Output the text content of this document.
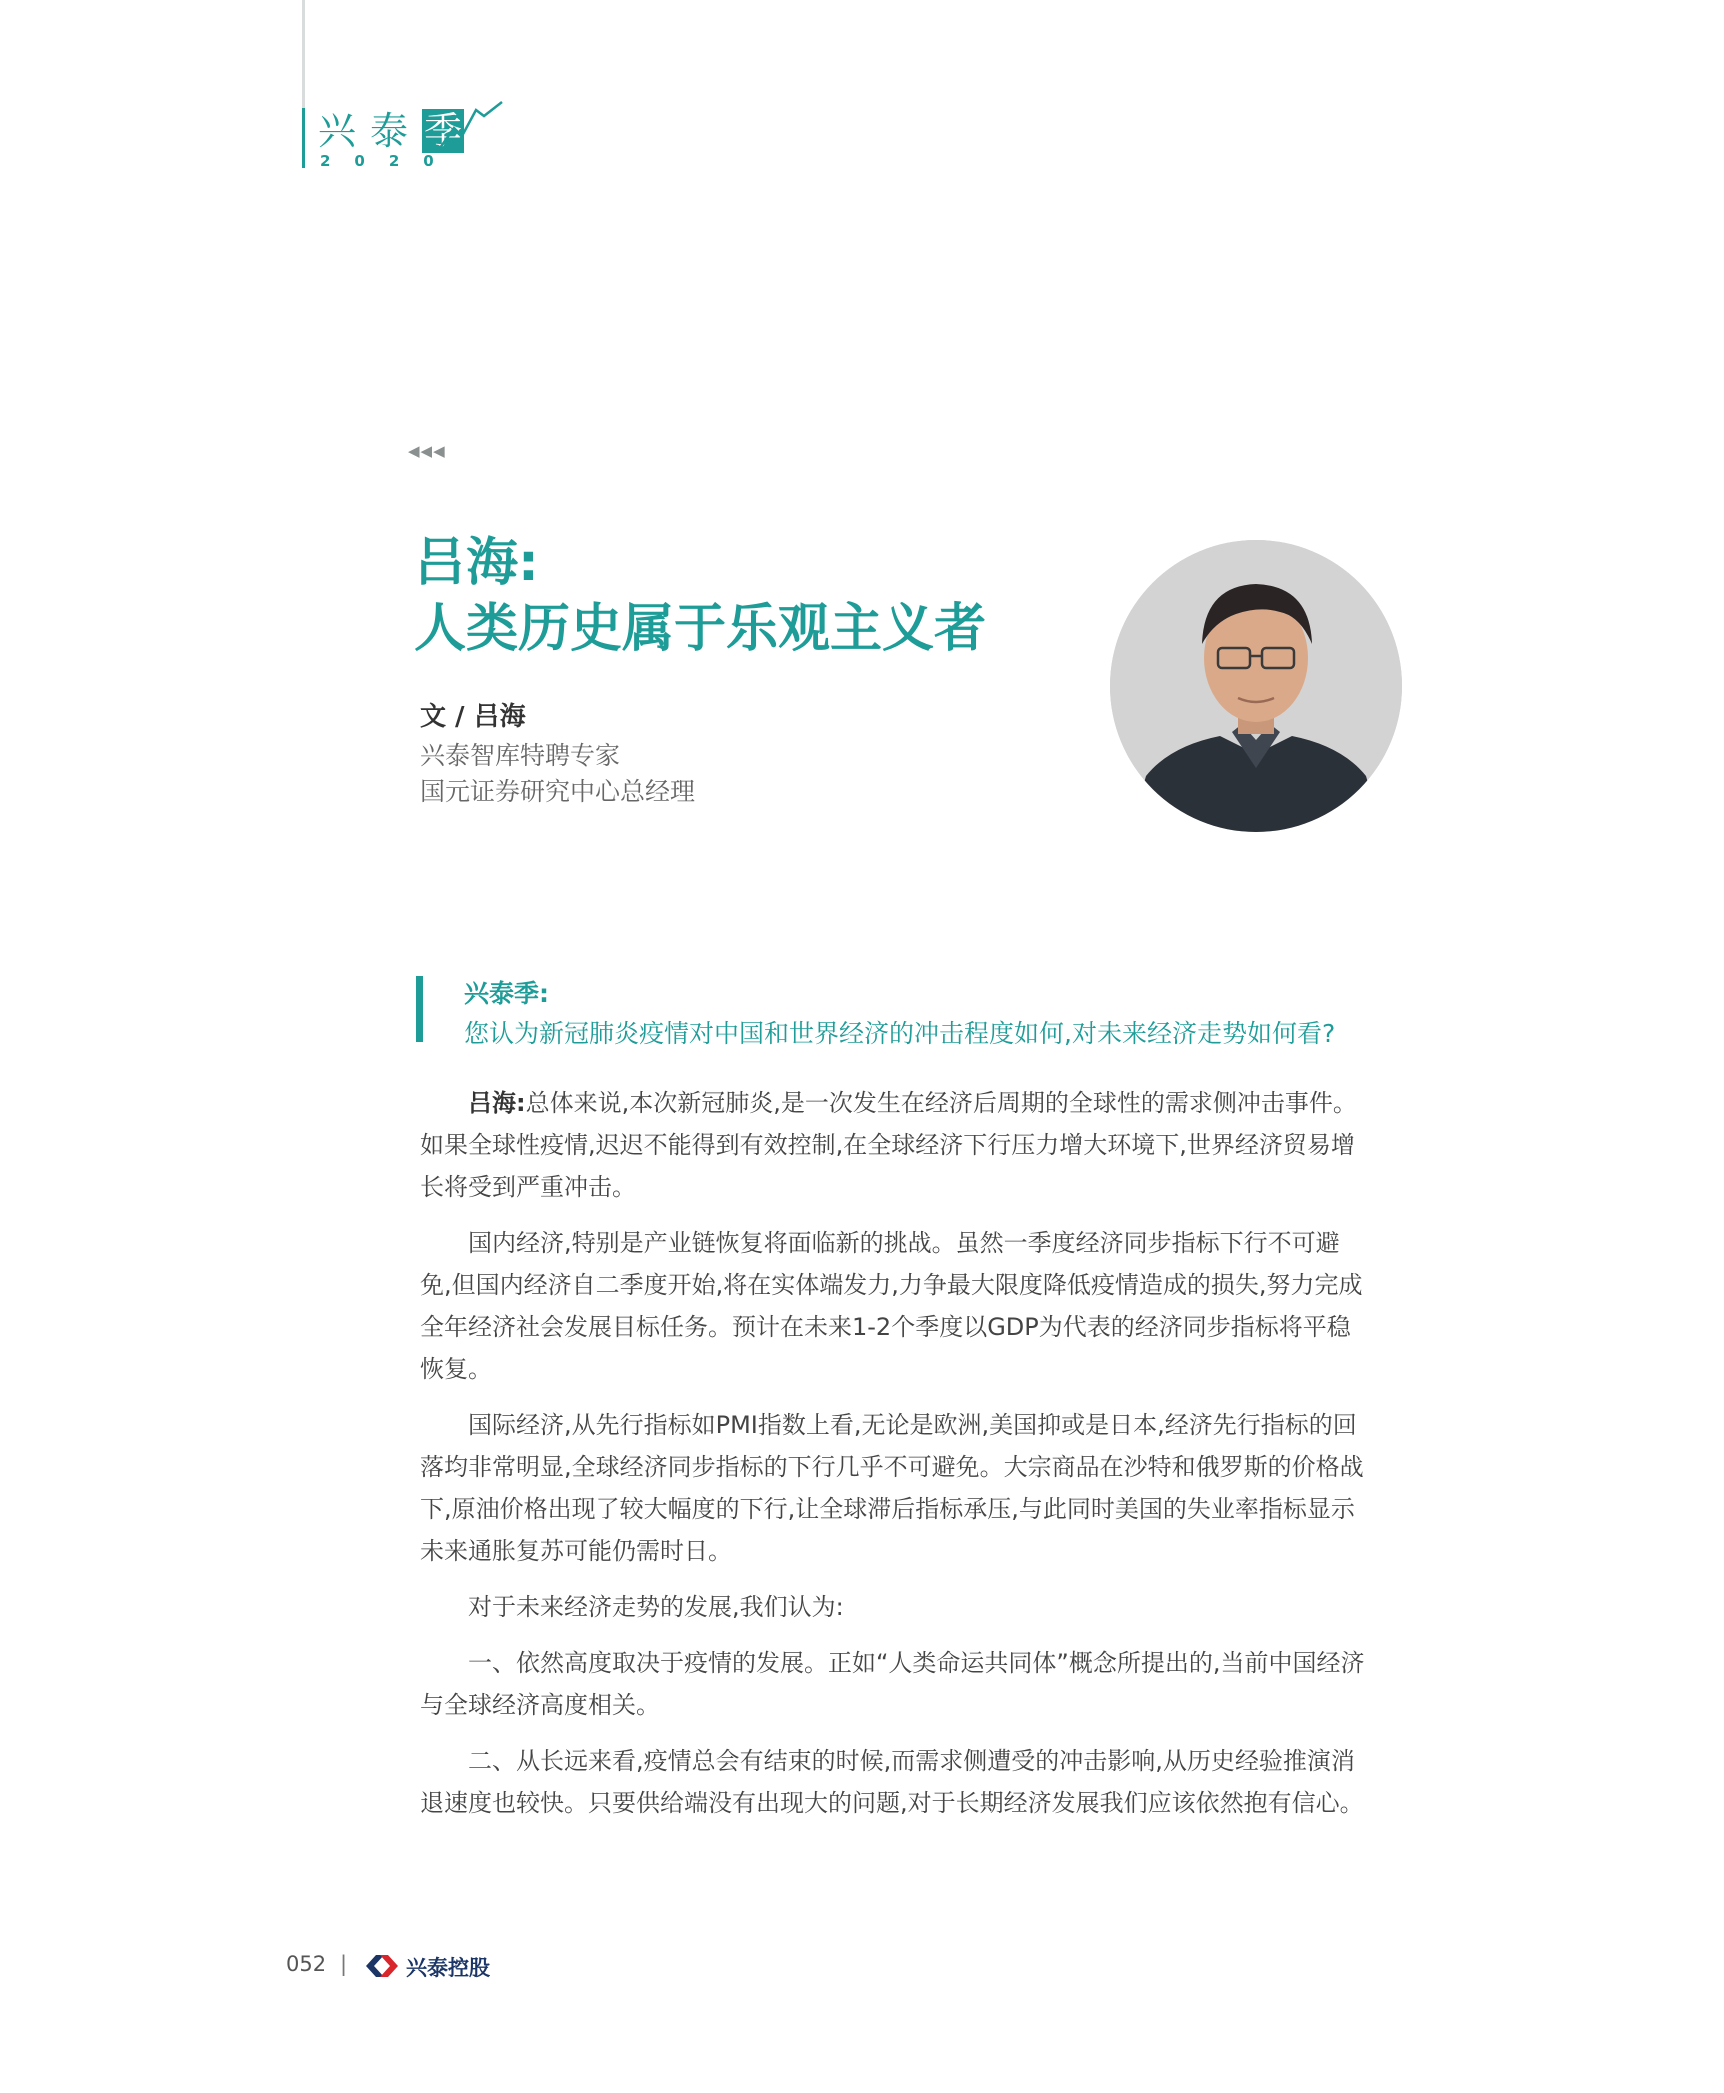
兴泰季
2020
◀◀◀
吕海:
人类历史属于乐观主义者
文 / 吕海
兴泰智库特聘专家
国元证券研究中心总经理
兴泰季:
您认为新冠肺炎疫情对中国和世界经济的冲击程度如何,对未来经济走势如何看?

吕海:总体来说,本次新冠肺炎,是一次发生在经济后周期的全球性的需求侧冲击事件。如果全球性疫情,迟迟不能得到有效控制,在全球经济下行压力增大环境下,世界经济贸易增长将受到严重冲击。

国内经济,特别是产业链恢复将面临新的挑战。虽然一季度经济同步指标下行不可避免,但国内经济自二季度开始,将在实体端发力,力争最大限度降低疫情造成的损失,努力完成全年经济社会发展目标任务。预计在未来1-2个季度以GDP为代表的经济同步指标将平稳恢复。

国际经济,从先行指标如PMI指数上看,无论是欧洲,美国抑或是日本,经济先行指标的回落均非常明显,全球经济同步指标的下行几乎不可避免。大宗商品在沙特和俄罗斯的价格战下,原油价格出现了较大幅度的下行,让全球滞后指标承压,与此同时美国的失业率指标显示未来通胀复苏可能仍需时日。

对于未来经济走势的发展,我们认为:

一、依然高度取决于疫情的发展。正如“人类命运共同体”概念所提出的,当前中国经济与全球经济高度相关。

二、从长远来看,疫情总会有结束的时候,而需求侧遭受的冲击影响,从历史经验推演消退速度也较快。只要供给端没有出现大的问题,对于长期经济发展我们应该依然抱有信心。

052 |	兴泰控股
